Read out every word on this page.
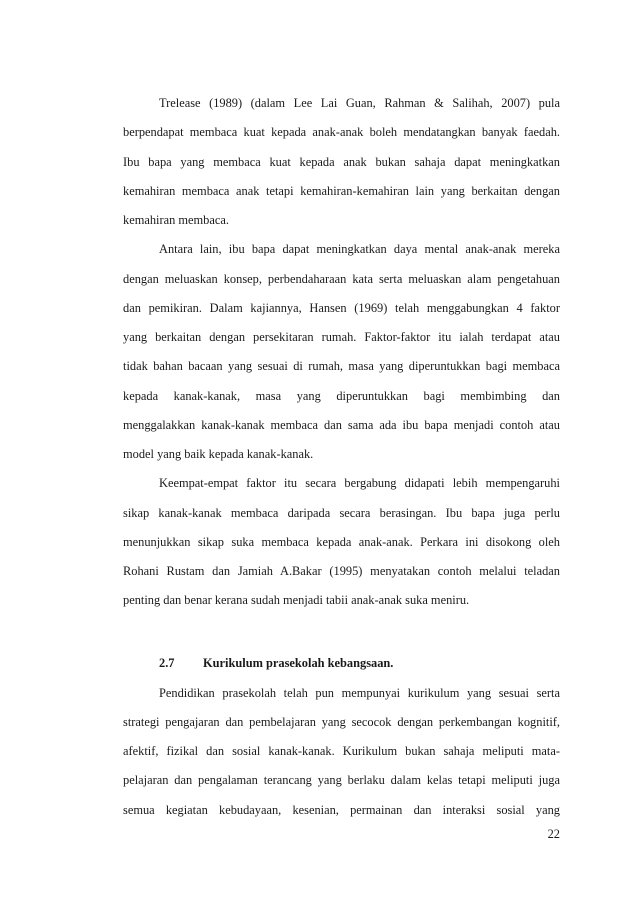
Trelease (1989) (dalam Lee Lai Guan, Rahman & Salihah, 2007) pula
berpendapat membaca kuat kepada anak-anak boleh mendatangkan banyak faedah.
Ibu bapa yang membaca kuat kepada anak bukan sahaja dapat meningkatkan
kemahiran membaca anak tetapi kemahiran-kemahiran lain yang berkaitan dengan
kemahiran membaca.
Antara lain, ibu bapa dapat meningkatkan daya mental anak-anak mereka
dengan meluaskan konsep, perbendaharaan kata serta meluaskan alam pengetahuan
dan pemikiran. Dalam kajiannya, Hansen (1969) telah menggabungkan 4 faktor
yang berkaitan dengan persekitaran rumah. Faktor-faktor itu ialah terdapat atau
tidak bahan bacaan yang sesuai di rumah, masa yang diperuntukkan bagi membaca
kepada kanak-kanak, masa yang diperuntukkan bagi membimbing dan
menggalakkan kanak-kanak membaca dan sama ada ibu bapa menjadi contoh atau
model yang baik kepada kanak-kanak.
Keempat-empat faktor itu secara bergabung didapati lebih mempengaruhi
sikap kanak-kanak membaca daripada secara berasingan. Ibu bapa juga perlu
menunjukkan sikap suka membaca kepada anak-anak. Perkara ini disokong oleh
Rohani Rustam dan Jamiah A.Bakar (1995) menyatakan contoh melalui teladan
penting dan benar kerana sudah menjadi tabii anak-anak suka meniru.
2.7 Kurikulum prasekolah kebangsaan.
Pendidikan prasekolah telah pun mempunyai kurikulum yang sesuai serta
strategi pengajaran dan pembelajaran yang secocok dengan perkembangan kognitif,
afektif, fizikal dan sosial kanak-kanak. Kurikulum bukan sahaja meliputi mata-
pelajaran dan pengalaman terancang yang berlaku dalam kelas tetapi meliputi juga
semua kegiatan kebudayaan, kesenian, permainan dan interaksi sosial yang
22
